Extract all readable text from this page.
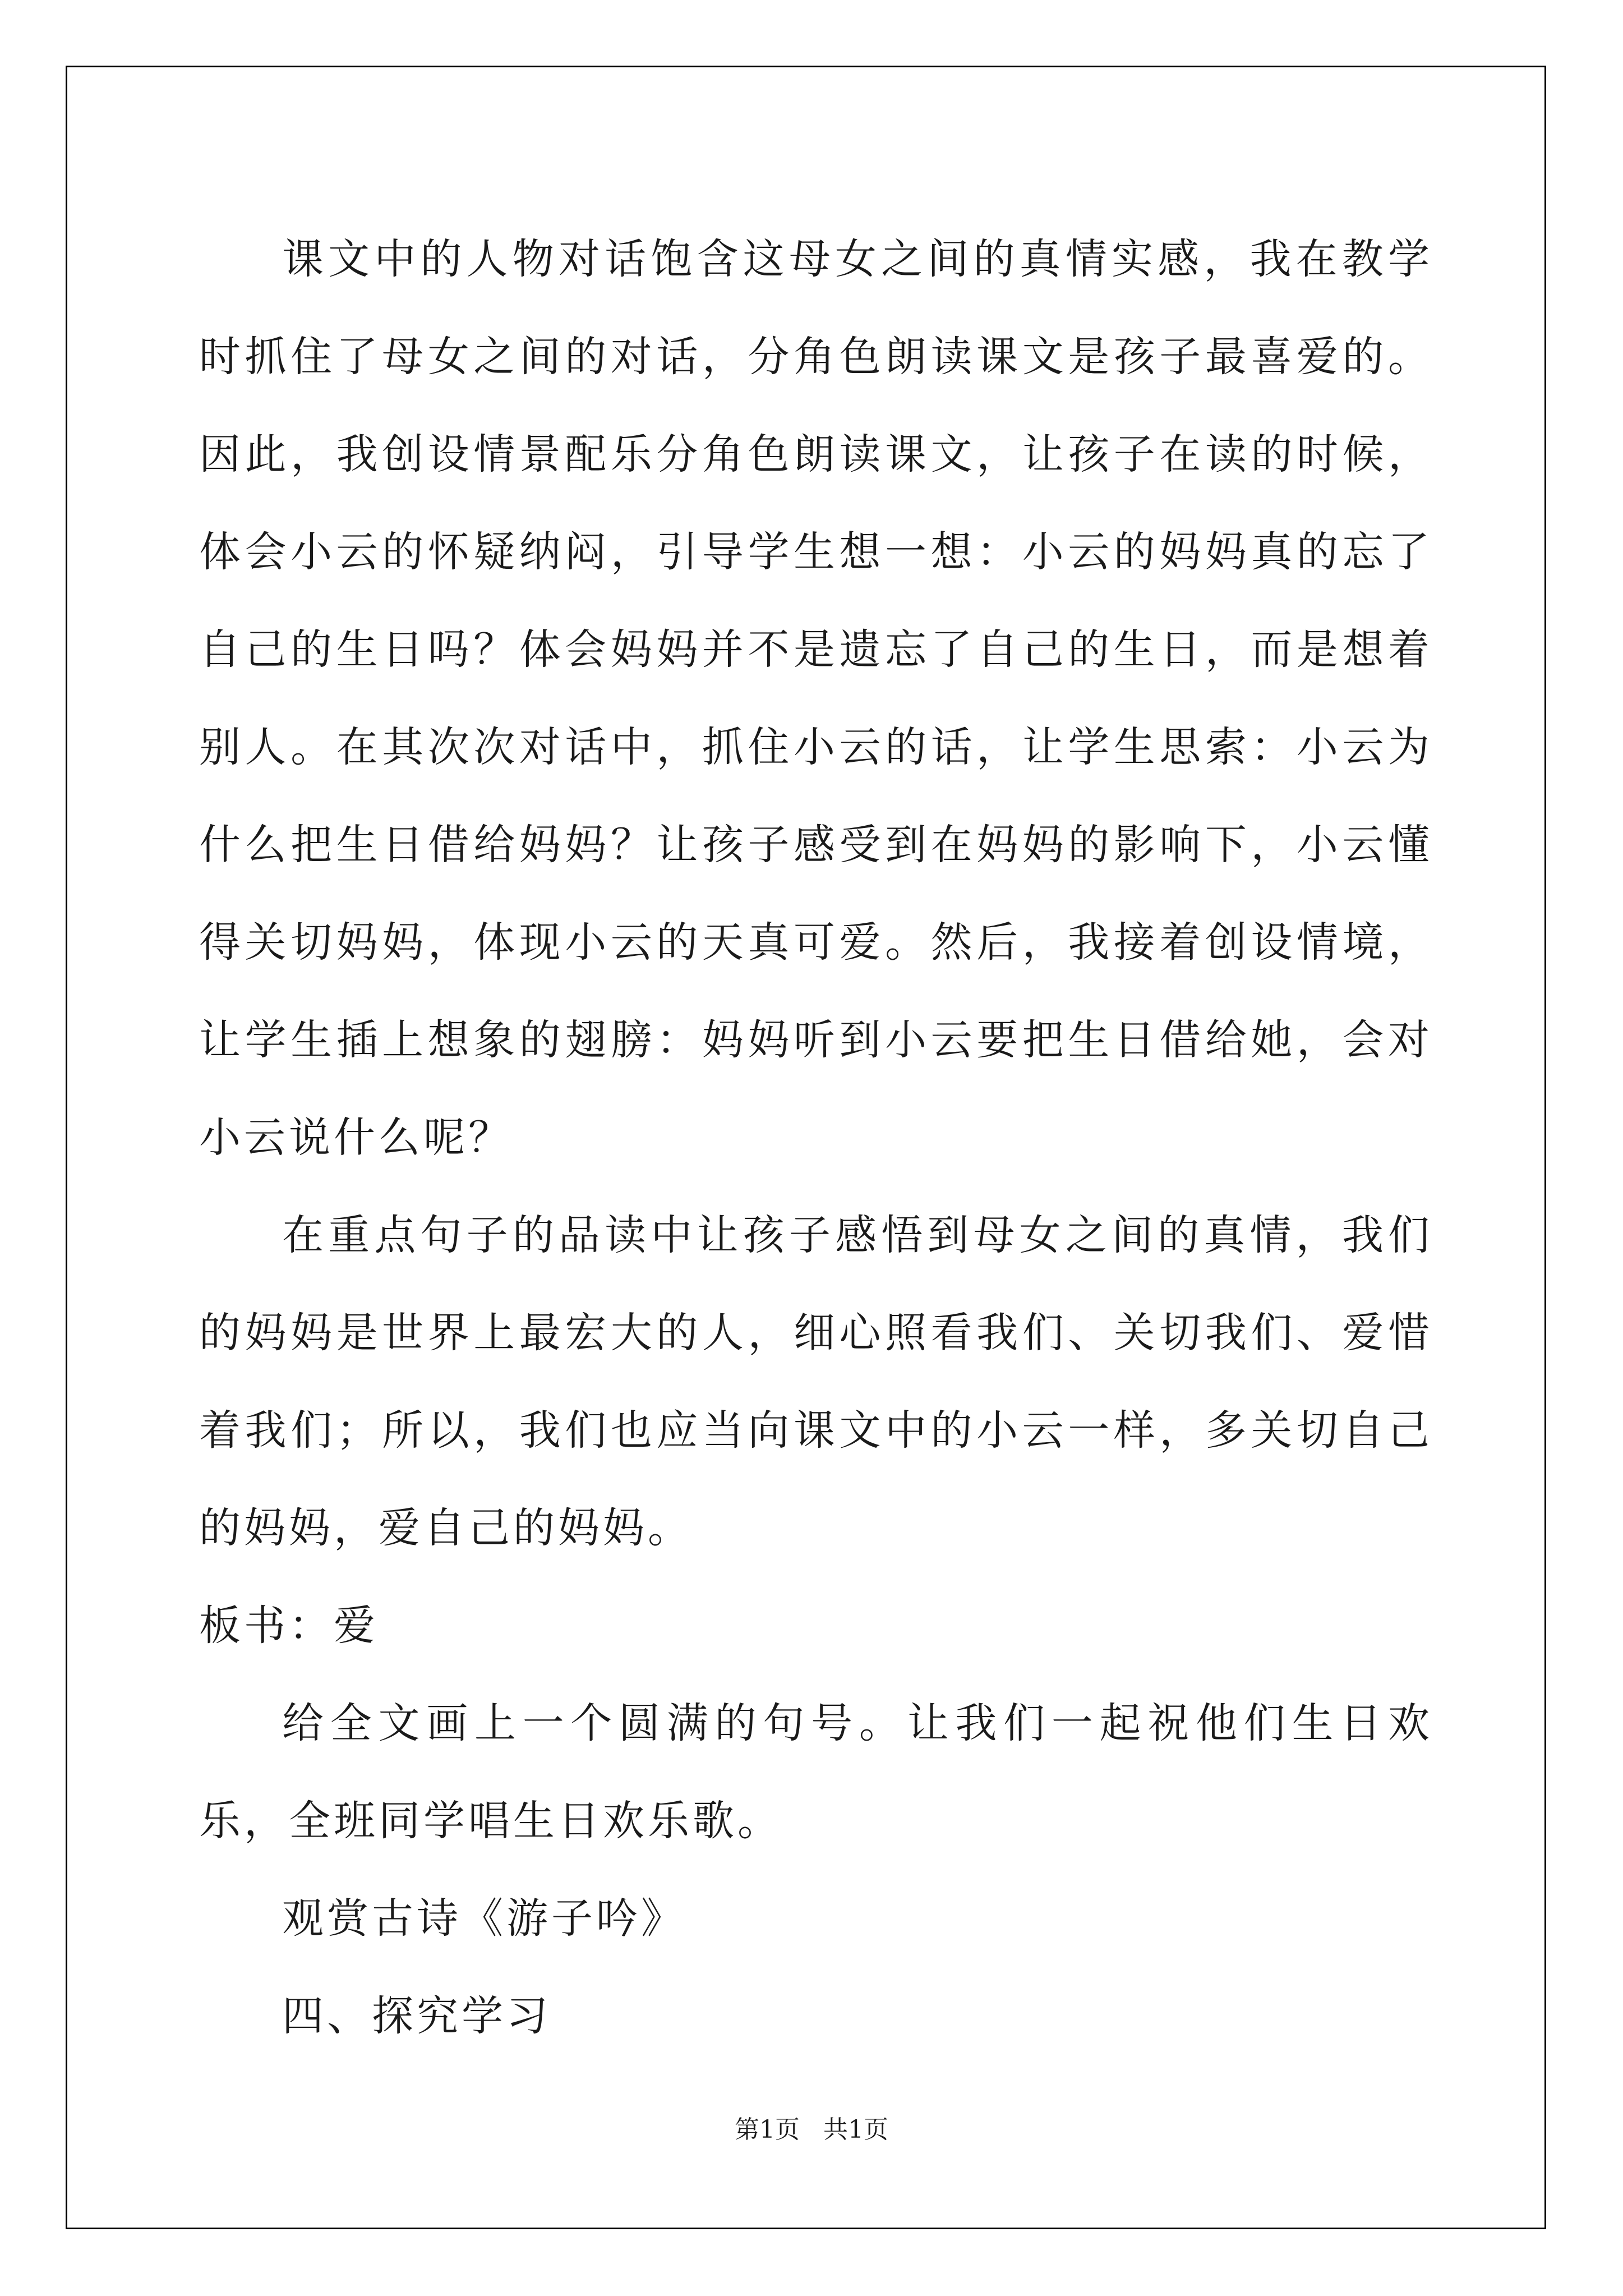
课文中的人物对话饱含这母女之间的真情实感，我在教学时抓住了母女之间的对话，分角色朗读课文是孩子最喜爱的。因此，我创设情景配乐分角色朗读课文，让孩子在读的时候，体会小云的怀疑纳闷，引导学生想一想：小云的妈妈真的忘了自己的生日吗？体会妈妈并不是遗忘了自己的生日，而是想着别人。在其次次对话中，抓住小云的话，让学生思索：小云为什么把生日借给妈妈？让孩子感受到在妈妈的影响下，小云懂得关切妈妈，体现小云的天真可爱。然后，我接着创设情境，让学生插上想象的翅膀：妈妈听到小云要把生日借给她，会对小云说什么呢？

在重点句子的品读中让孩子感悟到母女之间的真情，我们的妈妈是世界上最宏大的人，细心照看我们、关切我们、爱惜着我们；所以，我们也应当向课文中的小云一样，多关切自己的妈妈，爱自己的妈妈。

板书：爱

给全文画上一个圆满的句号。让我们一起祝他们生日欢乐，全班同学唱生日欢乐歌。

观赏古诗《游子吟》

四、探究学习

第1页   共1页
